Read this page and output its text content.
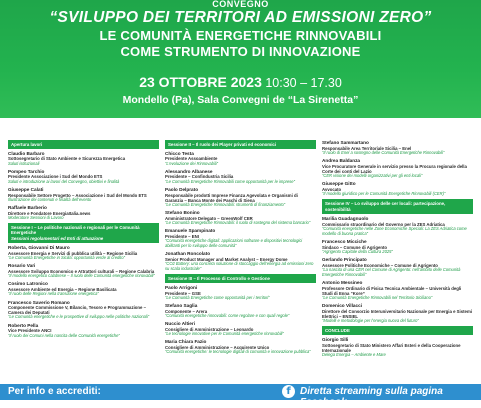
CONVEGNO
“SVILUPPO DEI TERRITORI AD EMISSIONI ZERO”
LE COMUNITÀ ENERGETICHE RINNOVABILI
COME STRUMENTO DI INNOVAZIONE
23 OTTOBRE 2023 10:30 – 17.30
Mondello (Pa), Sala Convegni de “La Sirenetta”
Apertura lavori
Claudio Barbaro
Sottosegretario di Stato Ambiente e Sicurezza Energetica
Saluti istituzionali
Pompeo Tarchio
Presidente Associazione i Sud del Mondo ETS
Saluti e introduzione ai lavori del Convegno, obiettivi e finalità
Giuseppe Calati
Responsabile Settore Progetto – Associazione i Sud del Mondo ETS
Illustrazione dei contenuti e finalità dell’evento
Raffaele Barberio
Direttore e Fondatore EnergiaItalia.news
Moderatore Sessioni di Lavoro
Sessione I – Le politiche nazionali e regionali per le Comunità Energetiche
Sessioni regolamentari ed Enti di attuazione
Roberta, Giovanni Di Mauro
Assessore Energia e Servizi di pubblica utilità – Regione Sicilia
“Le Comunità Energetiche in Sicilia: opportunità verde al credito”
Rosario Vari
Assessore Sviluppo Economico e Attrattori culturali – Regione Calabria
“Il modello energetico calabrese – Il ruolo delle Comunità energetiche rinnovabili”
Cosimo Latronico
Assessore Ambiente ed Energia – Regione Basilicata
“Il ruolo delle Regioni nella transizione energetica”
Francesco Saverio Romano
Componente Commissione V, Bilancio, Tesoro e Programmazione – Camera dei Deputati
“Le Comunità energetiche e le prospettive di sviluppo nelle politiche nazionali”
Roberto Pella
Vice Presidente ANCI
“Il ruolo dei Comuni nella nascita delle Comunità energetiche”
Sessione II – Il ruolo dei Player privati ed economici
Chicco Testa
Presidente Assoambiente
“L’evoluzione dei Rinnovabili”
Alessandro Albanese
Presidente – Confindustria Sicilia
“Le Comunità Energetiche Rinnovabili come opportunità per le imprese”
Paolo Delprato
Responsabile prodotti Imprese Finanza Agevolata e Organismi di Garanzia – Banca Monte dei Paschi di Siena
“Le Comunità Energetiche Rinnovabili: strumenti di finanziamento”
Stefano Bonino
Amministratore Delegato – GreenWolf CER
“Le Comunità Energetiche Rinnovabili: il ruolo di sostegno del sistema bancario”
Emanuele Spampinato
Presidente – ENI
“Comunità energetiche digitali: applicazioni software e dispositivi tecnologici abilitanti per lo sviluppo delle comunità”
Jonathan Roncolato
Senior Product Manager and Market Analyst – Energy Dome
“CO2 Battery: una concreta soluzione di stoccaggio dell’energia ad emissioni zero su scala industriale”
Sessione III – Il Processo di Controllo e Gestione
Paolo Arrigoni
Presidente – GSE
“Le Comunità Energetiche come opportunità per i territori”
Stefano Saglia
Componente – Arera
“Comunità energetiche rinnovabili: come regolare e con quali regole”
Nuccio Altieri
Consigliere di Amministrazione – Leonardo
“Le tecnologie innovative per le Comunità energetiche rinnovabili”
Maria Chiara Fazio
Consigliere di Amministrazione – Acquirente Unico
“Comunità energetiche: le tecnologie digitali di comunità e innovazione pubblica”
Stefano Sammartano
Responsabile Area Territoriale Sicilia – Enel
“Il ruolo di Enel a sostegno delle Comunità Energetiche Rinnovabili”
Andrea Baldanza
Vice Procuratore Generale in servizio presso la Procura regionale della Corte dei conti del Lazio
“CER visione dei modelli organizzativi per gli enti locali”
Giuseppe Gitto
Avvocato
“Il modello giuridico per le Comunità Energetiche Rinnovabili (CER)”
Sessione IV – Lo sviluppo delle cer locali: partecipazione, sostenibilità
Marilia Guadagnuolo
Commissario straordinario del Governo per la ZES Adriatica
“Comunità energetiche nelle Zone Economiche Speciali: La ZES Adriatica come modello di buona pratica”
Francesco Micciche
Sindaco – Comune di Agrigento
“Agrigento Capitale della Cultura 2025”
Gerlando Principato
Assessore Politiche Economiche – Comune di Agrigento
“La nascita di una CER nel Comune di Agrigento: nell’ambito delle Comunità Energetiche Rinnovabili”
Antonio Messineo
Professore Ordinario di Fisica Tecnica Ambientale – Università degli Studi di Enna “Kore”
“Le Comunità Energetiche Rinnovabili nel Territorio Siciliano”
Domenico Villacci
Direttore del Consorzio Interuniversitario Nazionale per Energia e Sistemi Elettrici – ENSIEL
“Modelli e metodologie per l’energia nuova del futuro”
CONCLUDE
Giorgio Silli
Sottosegretario di Stato Ministero Affari Esteri e della Cooperazione Internazionale
Delega Energia – Ambiente e Mare
Per info e accrediti:	f Diretta streaming sulla pagina Facebook
